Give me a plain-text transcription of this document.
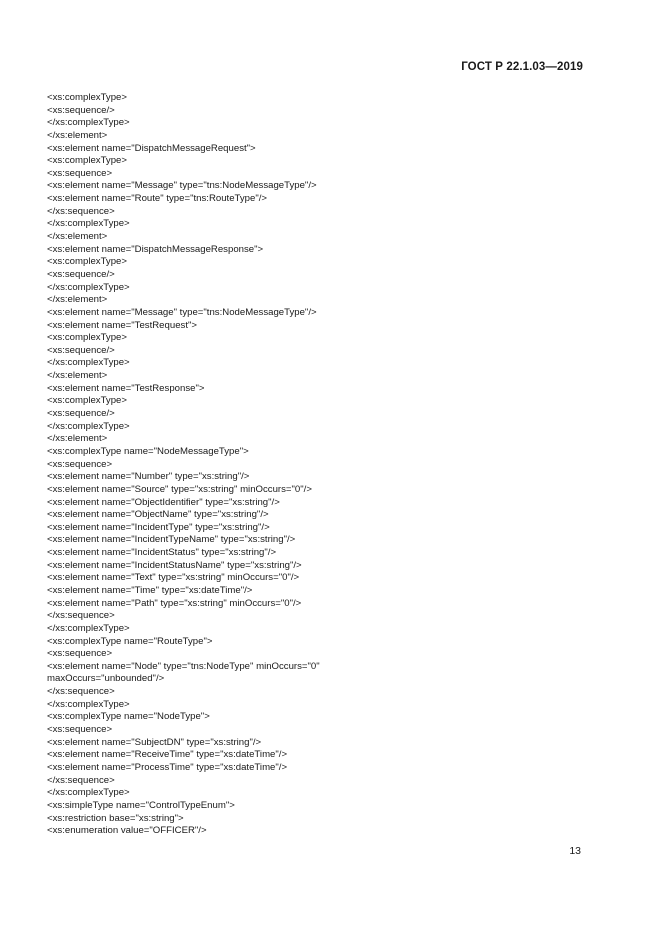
ГОСТ Р 22.1.03—2019
<xs:complexType>
<xs:sequence/>
</xs:complexType>
</xs:element>
<xs:element name="DispatchMessageRequest">
<xs:complexType>
<xs:sequence>
<xs:element name="Message" type="tns:NodeMessageType"/>
<xs:element name="Route" type="tns:RouteType"/>
</xs:sequence>
</xs:complexType>
</xs:element>
<xs:element name="DispatchMessageResponse">
<xs:complexType>
<xs:sequence/>
</xs:complexType>
</xs:element>
<xs:element name="Message" type="tns:NodeMessageType"/>
<xs:element name="TestRequest">
<xs:complexType>
<xs:sequence/>
</xs:complexType>
</xs:element>
<xs:element name="TestResponse">
<xs:complexType>
<xs:sequence/>
</xs:complexType>
</xs:element>
<xs:complexType name="NodeMessageType">
<xs:sequence>
<xs:element name="Number" type="xs:string"/>
<xs:element name="Source" type="xs:string" minOccurs="0"/>
<xs:element name="ObjectIdentifier" type="xs:string"/>
<xs:element name="ObjectName" type="xs:string"/>
<xs:element name="IncidentType" type="xs:string"/>
<xs:element name="IncidentTypeName" type="xs:string"/>
<xs:element name="IncidentStatus" type="xs:string"/>
<xs:element name="IncidentStatusName" type="xs:string"/>
<xs:element name="Text" type="xs:string" minOccurs="0"/>
<xs:element name="Time" type="xs:dateTime"/>
<xs:element name="Path" type="xs:string" minOccurs="0"/>
</xs:sequence>
</xs:complexType>
<xs:complexType name="RouteType">
<xs:sequence>
<xs:element name="Node" type="tns:NodeType" minOccurs="0"
maxOccurs="unbounded"/>
</xs:sequence>
</xs:complexType>
<xs:complexType name="NodeType">
<xs:sequence>
<xs:element name="SubjectDN" type="xs:string"/>
<xs:element name="ReceiveTime" type="xs:dateTime"/>
<xs:element name="ProcessTime" type="xs:dateTime"/>
</xs:sequence>
</xs:complexType>
<xs:simpleType name="ControlTypeEnum">
<xs:restriction base="xs:string">
<xs:enumeration value="OFFICER"/>
13
